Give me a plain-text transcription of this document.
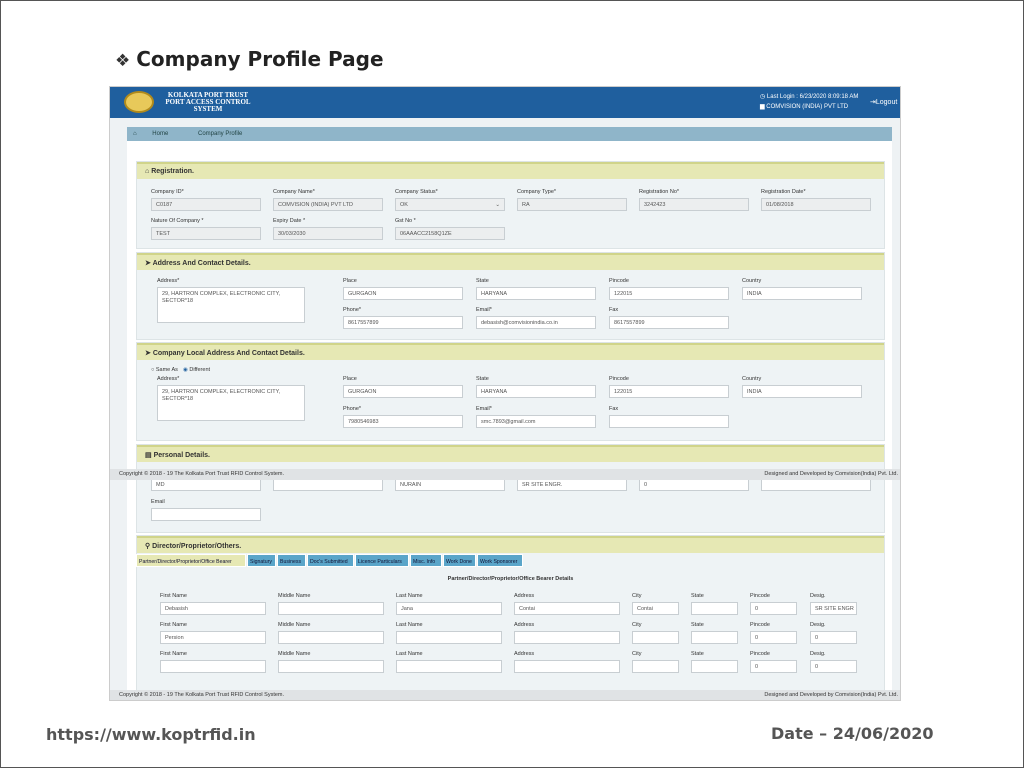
❖ Company Profile Page
KOLKATA PORT TRUST
PORT ACCESS CONTROL
SYSTEM
◷ Last Login : 6/23/2020 8:09:18 AM
▆ COMVISION (INDIA) PVT LTD
⇥Logout
⌂	Home	Company Profile
⌂ Registration.
Company ID*
C0187
Company Name*
COMVISION (INDIA) PVT LTD
Company Status*
OK	⌄
Company Type*
RA
Registration No*
3242423
Registration Date*
01/08/2018
Nature Of Company *
TEST
Expiry Date *
30/03/2030
Gst No *
06AAACC2158Q1ZE
➤ Address And Contact Details.
Address*
29, HARTRON COMPLEX, ELECTRONIC CITY, SECTOR*18
Place
GURGAON
State
HARYANA
Pincode
122015
Country
INDIA
Phone*
8617557899
Email*
debasish@comvisionindia.co.in
Fax
8617557899
➤ Company Local Address And Contact Details.
○ Same As ◉ Different
Address*
29, HARTRON COMPLEX, ELECTRONIC CITY, SECTOR*18
Place
GURGAON
State
HARYANA
Pincode
122015
Country
INDIA
Phone*
7980546983
Email*
smc.7893@gmail.com
Fax
▤ Personal Details.
MD	NURAIN	SR SITE ENGR.	0
Email
⚲ Director/Proprietor/Others.
Copyright © 2018 - 19 The Kolkata Port Trust RFID Control System.	Designed and Developed by Comvision(India) Pvt. Ltd.
Partner/Director/Proprietor/Office Bearer	Signatury	Business	Doc's Submitted	Licence Particulars	Misc. Info	Work Done	Work Sponsorer
Partner/Director/Proprietor/Office Bearer Details
First Name
Debasish
Middle Name	Last Name
Jana
Address
Contai
City
Contai
State	Pincode
0
Desig.
SR SITE ENGR
First Name
Persion
Middle Name	Last Name	Address	City	State	Pincode
0
Desig.
0
First Name	Middle Name	Last Name	Address	City	State	Pincode
0
Desig.
0
Copyright © 2018 - 19 The Kolkata Port Trust RFID Control System.	Designed and Developed by Comvision(India) Pvt. Ltd.
https://www.koptrfid.in	Date – 24/06/2020
